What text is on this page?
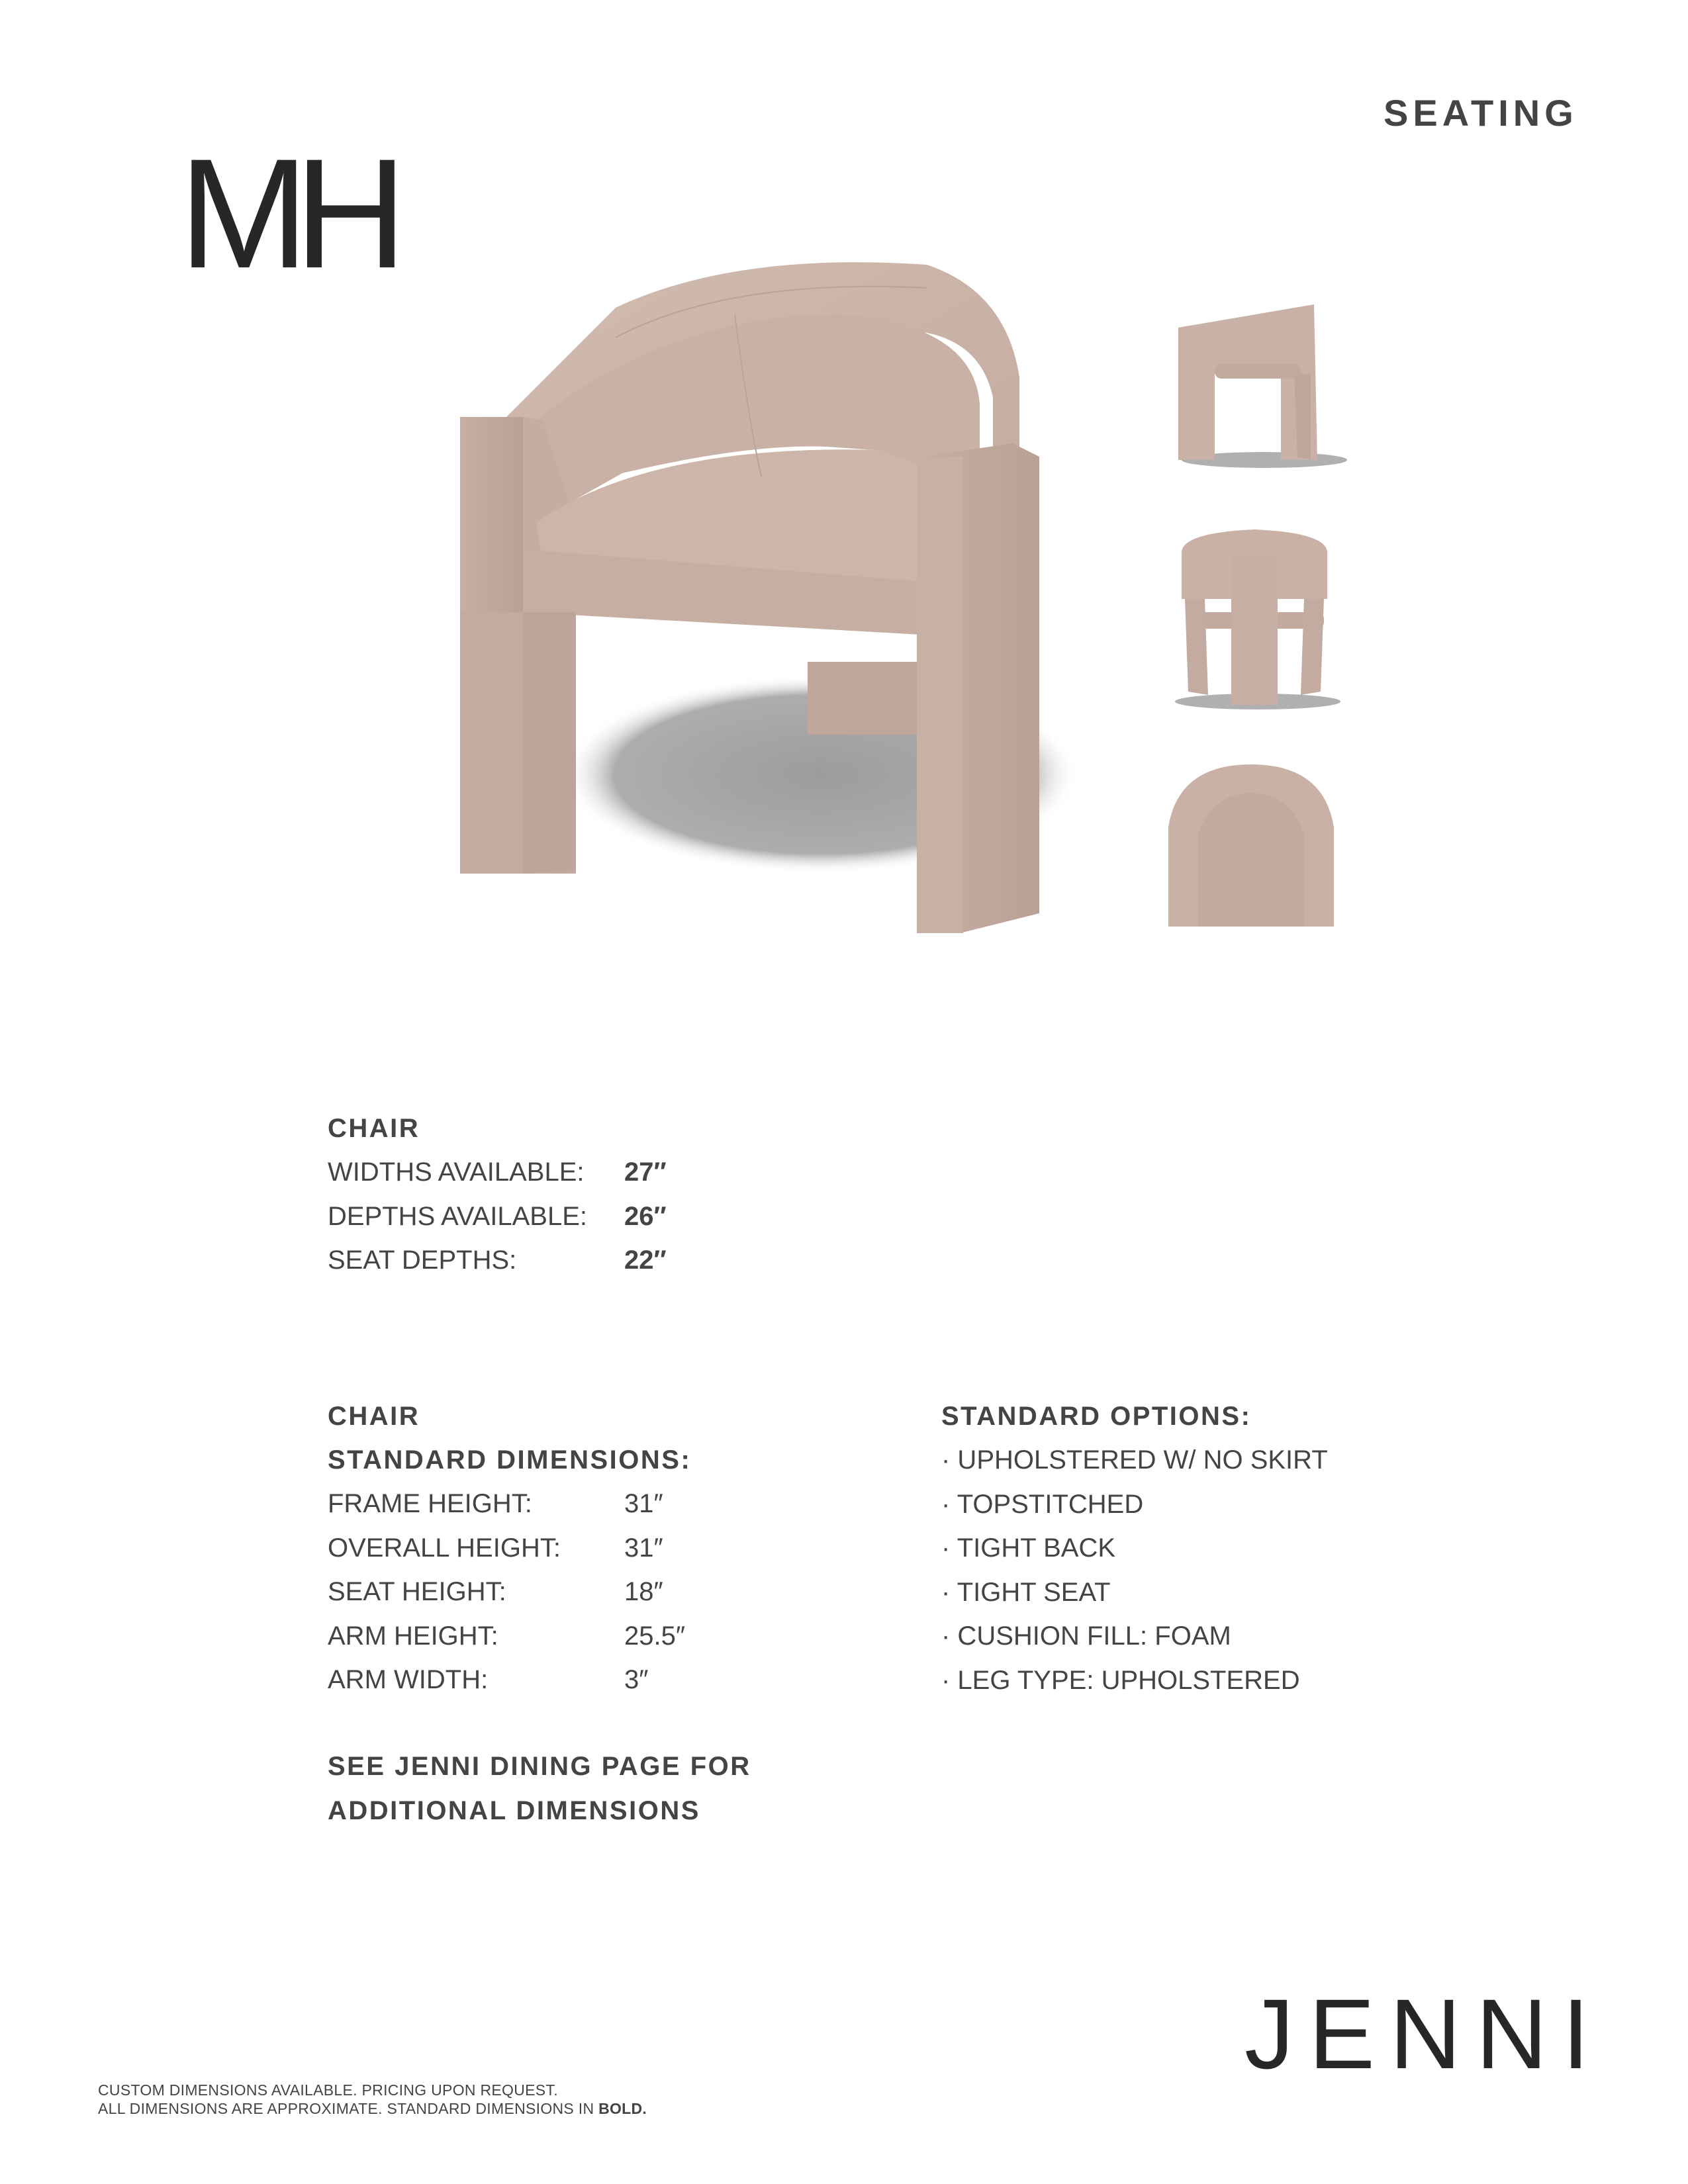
MH
SEATING
CHAIR
WIDTHS AVAILABLE:	27″
DEPTHS AVAILABLE:	26″
SEAT DEPTHS:	22″
CHAIR
STANDARD DIMENSIONS:
FRAME HEIGHT:	31″
OVERALL HEIGHT:	31″
SEAT HEIGHT:	18″
ARM HEIGHT:	25.5″
ARM WIDTH:	3″
STANDARD OPTIONS:
· UPHOLSTERED W/ NO SKIRT
· TOPSTITCHED
· TIGHT BACK
· TIGHT SEAT
· CUSHION FILL: FOAM
· LEG TYPE: UPHOLSTERED
SEE JENNI DINING PAGE FOR
ADDITIONAL DIMENSIONS
JENNI
CUSTOM DIMENSIONS AVAILABLE. PRICING UPON REQUEST.
ALL DIMENSIONS ARE APPROXIMATE. STANDARD DIMENSIONS IN BOLD.
